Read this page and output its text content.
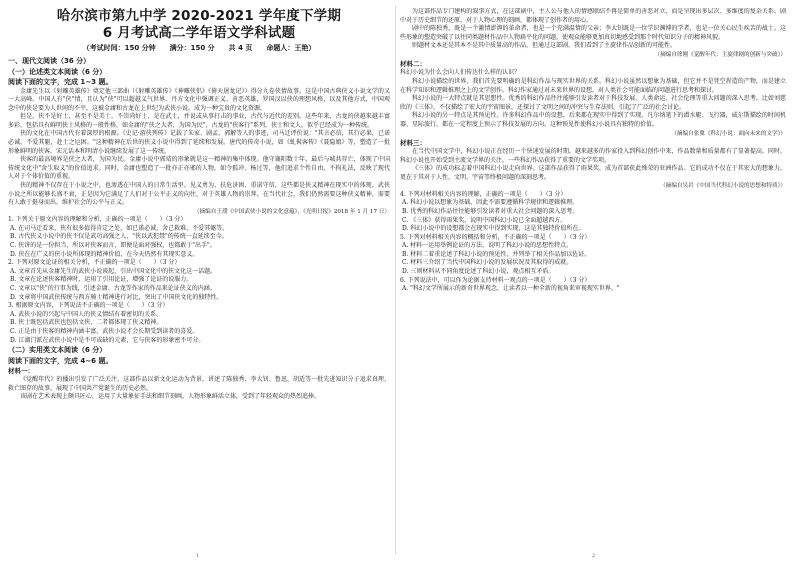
哈尔滨市第九中学 2020-2021 学年度下学期
6 月考试高二学年语文学科试题
（考试时间：150 分钟　　满分：150 分　　共 4 页　　命题人：王艳）
一、现代文阅读（36 分）
（一）论述类文本阅读（6 分）
阅读下面的文字，完成 1~3 题。

金庸先生以《射雕英雄传》奠定他三部曲（《射雕英雄传》《神雕侠侣》《倚天屠龙记》）得分九卷侠情故事。这是中国古典侠义小说文学的又一大高峰。中国人有"侠"情，且认为"侠"可以超越义气世界。丹方文化中强调正义、善恶英雄，罗国汉以侠的理想风格，以及其他方式，中国观念中的侠是要为人世间的不平，这被金庸和古龙在上世纪为武侠小说，成为一种宝贵的文化资源。

但是，侠不是好士，甚至不是美士。不崇尚好士，是在武士，并说或从事打击的事业，古代与近代的差别。这些年来，古龙的侠越来越丰富多彩，包括具有鲜明侠士风格的一般性格，如金庸的"侠之大者，为国为民"，古龙的"侠客行"系列，侠士和文人，似乎已经成为一种传统。

侠的文化在中国古代有着深厚的根源。《史记·游侠列传》记载了朱家、剧孟、郭解等人的事迹，司马迁评价说："其言必信，其行必果，已诺必诚，不爱其躯，赴士之厄困。"这种精神在后世的侠义小说中得到了延续和发展。唐代的传奇小说，如《虬髯客传》《聂隐娘》等，塑造了一批形象鲜明的侠客，宋元话本和明清小说继续发展了这一传统。

侠客的最高境界是侠之大者，为国为民。金庸小说中郭靖的形象就是这一精神的集中体现。他守襄阳数十年，最后与城共存亡，体现了中国传统文化中"舍生取义"的价值追求。同时，金庸也塑造了一批亦正亦邪的人物，如令狐冲、杨过等，他们追求个性自由，不拘礼法，反映了现代人对于个体价值的重视。

侠的精神不仅存在于小说之中，也渗透在中国人的日常生活里。见义勇为、扶危济困、重诺守信，这些都是侠义精神在现实中的体现。武侠小说之所以能够长盛不衰，正是因为它满足了人们对于公平正义的向往，对于英雄人物的崇拜。在当代社会，我们仍然需要这种侠义精神，需要有人敢于挺身而出，维护社会的公平与正义。

（摘编自王璞《中国武侠小说的文化意蕴》，《光明日报》2018 年 1 月 17 日）

1. 下列关于原文内容的理解和分析，正确的一项是（　　）（3 分）

A. 在司马迁看来，侠有很多值得肯定之处，如已诺必诚、舍己救难、不爱其躯等。

B. 古代侠义小说中的侠不仅是武功高强之人，"侠以武犯禁"的传统一直延续至今。

C. 侠讲的是一份担当，所以对侠客而言，即便是面对强权，也都敢于"出手"。

D. 侠在在广义的侠小说所体现的精神价值，在今天仍然有其现实意义。

2. 下列对原文论证的相关分析，不正确的一项是（　　）（3 分）

A. 文章首先从金庸先生的武侠小说谈起，引出中国文化中的侠文化这一话题。

B. 文章在论述侠客精神时，运用了引用论证，增强了论证的说服力。

C. 文章以"侠"的行事为线，引述金庸、古龙等作家的作品来论证侠义的内涵。

D. 文章将中国武侠传统与西方骑士精神进行对比，突出了中国侠文化的独特性。

3. 根据原文内容，下列说法不正确的一项是（　　）（3 分）

A. 武侠小说的兴起与中国人的侠义情结有着密切的关系。

B. 侠士既包括武侠也包括文侠，二者都体现了侠义精神。

C. 正是由于侠客的精神内涵丰富，武侠小说才会长期受到读者的喜爱。

D. 江湖门派在武侠小说中是不可或缺的元素，它与侠客的形象密不可分。

（二）实用类文本阅读（6 分）
阅读下面的文字，完成 4~6 题。
材料一：

《觉醒年代》的播出引发了广泛关注，这部作品以新文化运动为背景，讲述了陈独秀、李大钊、鲁迅、胡适等一批先进知识分子追求真理、救亡图存的故事，展现了中国共产党诞生的历史必然。

该剧在艺术表现上颇具匠心，运用了大量象征手法和细节刻画，人物形象鲜活立体，受到了年轻观众的热烈追捧。

为这部作品专门建构的叙事方式，在这部剧中，主人公与他人的情感联结不再是简单的善恶对立，而是呈现出多层次、多维度的复杂关系。剧中对于历史细节的还原，对于人物心理的刻画，都体现了创作者的用心。

剧中的陈独秀，既是一个激情澎湃的革命者，也是一个充满温情的父亲；李大钊既是一位学识渊博的学者，也是一位关心民生疾苦的战士。这些形象的塑造突破了以往同类题材作品中人物扁平化的问题，使观众能够更加真切地感受到那个时代知识分子的精神风貌。

则题材文本还是其本不是其中质量高的作品，但通过这部剧，我们看到了主旋律作品创新的可能性。

（摘编自徐刚《觉醒年代：主旋律剧的创新与突破》）

材料二：

科幻小说为什么会向人们传达什么样的认识？

科幻小说描绘的世界，我们首先要明确的是科幻作品与现实世界的关系。科幻小说虽然以想象为基础，但它并不是凭空捏造的产物，而是建立在科学知识和逻辑推理之上的文学创作。科幻作家通过对未来世界的设想，对人类社会可能面临的问题进行思考和探讨。

科幻小说的一大特点就是其思想性。优秀的科幻作品往往能够引发读者对于科技发展、人类命运、社会伦理等重大问题的深入思考。比如刘慈欣的《三体》，不仅描绘了宏大的宇宙图景，还探讨了文明之间的冲突与生存法则，引起了广泛的社会讨论。

科幻小说的另一特点是其预见性。许多科幻作品中的设想，后来都在现实中得到了实现。凡尔纳笔下的潜水艇、飞行器，威尔斯描绘的时间机器、星际旅行，都在一定程度上预示了科技发展的方向。这种预见性使科幻小说具有独特的价值。

（摘编自张冀《科幻小说：面向未来的文学》）

材料三：

在当代中国文学中，科幻小说正在经历一个快速发展的时期。越来越多的作家投入到科幻创作中来，作品数量和质量都有了显著提高。同时，科幻小说也开始受到主流文学界的关注，一些科幻作品获得了重要的文学奖项。

《三体》的成功标志着中国科幻小说走向世界。这部作品获得了雨果奖，成为首部获此殊荣的亚洲作品。它的成功不仅在于其宏大的想象力，更在于其对于人性、文明、宇宙等终极问题的深刻思考。

（摘编自吴岩《中国当代科幻小说的思想和特质》）

4. 下列对材料相关内容的理解，正确的一项是（　　）（3 分）

A. 科幻小说以想象为基础，因此不需要遵循科学规律和逻辑推理。

B. 优秀的科幻作品往往能够引发读者对重大社会问题的深入思考。

C. 《三体》获得雨果奖，说明中国科幻小说已全面超越西方。

D. 科幻小说中的设想都会在现实中得到实现，这是其独特价值所在。

5. 下列对材料相关内容的概括和分析，不正确的一项是（　　）（3 分）

A. 材料一运用举例论证的方法，说明了科幻小说的思想性特点。

B. 材料二着重论述了科幻小说的预见性，并列举了相关作品加以佐证。

C. 材料三介绍了当代中国科幻小说的发展状况及其取得的成就。

D. 三则材料从不同角度论述了科幻小说，观点相互矛盾。

6. 下列说法中，可以作为论据支持材料一观点的一项是（　　）（3 分）

A. "科幻文学所展示的新奇世界观念，让读者以一种全新的视角来审视现实世界。"

1	2
